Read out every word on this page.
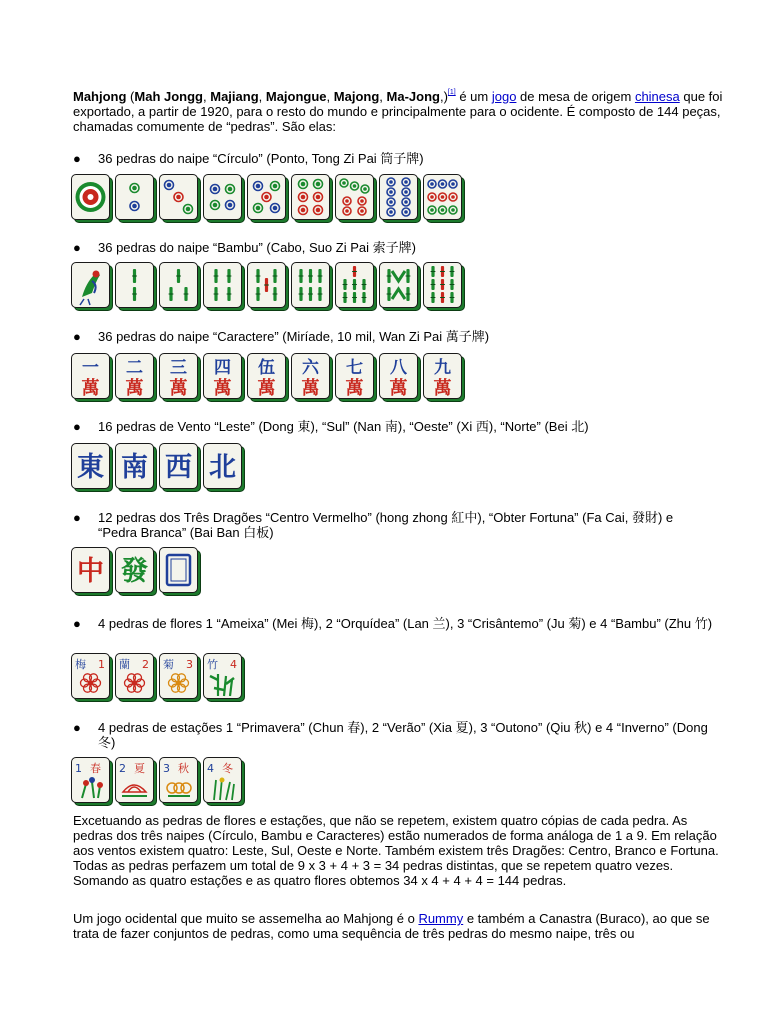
Mahjong (Mah Jongg, Majiang, Majongue, Majong, Ma-Jong,)[1] é um jogo de mesa de origem chinesa que foi exportado, a partir de 1920, para o resto do mundo e principalmente para o ocidente. É composto de 144 peças, chamadas comumente de “pedras”. São elas:

●	36 pedras do naipe “Círculo” (Ponto, Tong Zi Pai 筒子牌)
●	36 pedras do naipe “Bambu” (Cabo, Suo Zi Pai 索子牌)
●	36 pedras do naipe “Caractere” (Miríade, 10 mil, Wan Zi Pai 萬子牌)
一
萬
二
萬
三
萬
四
萬
伍
萬
六
萬
七
萬
八
萬
九
萬
●	16 pedras de Vento “Leste” (Dong 東), “Sul” (Nan 南), “Oeste” (Xi 西), “Norte” (Bei 北)
東 南 西 北
●	12 pedras dos Três Dragões “Centro Vermelho” (hong zhong 紅中), “Obter Fortuna” (Fa Cai, 發財) e “Pedra Branca” (Bai Ban 白板)
中 發
●	4 pedras de flores 1 “Ameixa” (Mei 梅), 2 “Orquídea” (Lan 兰), 3 “Crisântemo” (Ju 菊) e 4 “Bambu” (Zhu 竹)
梅 1 蘭 2 菊 3 竹 4
●	4 pedras de estações 1 “Primavera” (Chun 春), 2 “Verão” (Xia 夏), 3 “Outono” (Qiu 秋) e 4 “Inverno” (Dong 冬)
1 春 2 夏 3 秋 4 冬

Excetuando as pedras de flores e estações, que não se repetem, existem quatro cópias de cada pedra. As pedras dos três naipes (Círculo, Bambu e Caracteres) estão numerados de forma análoga de 1 a 9. Em relação aos ventos existem quatro: Leste, Sul, Oeste e Norte. Também existem três Dragões: Centro, Branco e Fortuna. Todas as pedras perfazem um total de 9 x 3 + 4 + 3 = 34 pedras distintas, que se repetem quatro vezes. Somando as quatro estações e as quatro flores obtemos 34 x 4 + 4 + 4 = 144 pedras.

Um jogo ocidental que muito se assemelha ao Mahjong é o Rummy e também a Canastra (Buraco), ao que se trata de fazer conjuntos de pedras, como uma sequência de três pedras do mesmo naipe, três ou
